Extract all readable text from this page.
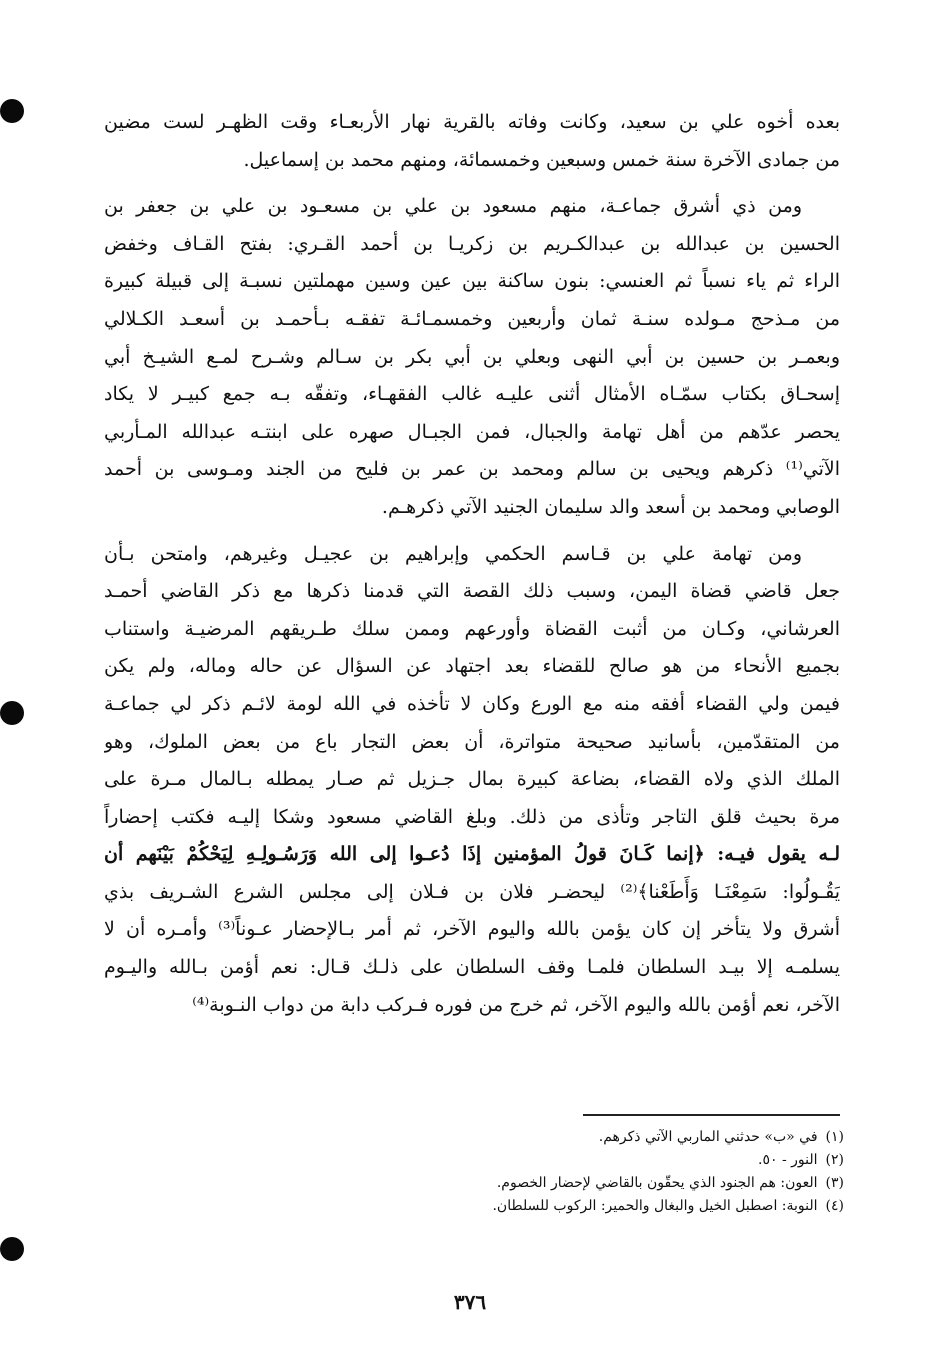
بعده أخوه علي بن سعيد، وكانت وفاته بالقرية نهار الأربعـاء وقت الظهـر لست مضين
من جمادى الآخرة سنة خمس وسبعين وخمسمائة، ومنهم محمد بن إسماعيل.
ومن ذي أشرق جماعـة، منهم مسعود بن علي بن مسعـود بن علي بن جعفر بن
الحسين بن عبدالله بن عبدالكـريم بن زكريـا بن أحمد القـري: بفتح القـاف وخفض
الراء ثم ياء نسباً ثم العنسي: بنون ساكنة بين عين وسين مهملتين نسبـة إلى قبيلة كبيرة
من مـذحج مـولده سنـة ثمان وأربعين وخمسمـائـة تفقـه بـأحمـد بن أسعـد الكـلالي
وبعمـر بن حسين بن أبي النهى وبعلي بن أبي بكر بن سـالم وشـرح لمـع الشيـخ أبي
إسحـاق بكتاب سمّـاه الأمثال أثنى عليـه غالب الفقهـاء، وتفقّه بـه جمع كبيـر لا يكاد
يحصر عدّهم من أهل تهامة والجبال، فمن الجبـال صهره على ابنتـه عبدالله المـأربي
الآتي⁽¹⁾ ذكرهم ويحيى بن سالم ومحمد بن عمر بن فليح من الجند ومـوسى بن أحمد
الوصابي ومحمد بن أسعد والد سليمان الجنيد الآتي ذكرهـم.
ومن تهامة علي بن قـاسم الحكمي وإبراهيم بن عجيـل وغيرهم، وامتحن بـأن
جعل قاضي قضاة اليمن، وسبب ذلك القصة التي قدمنا ذكرها مع ذكر القاضي أحمـد
العرشاني، وكـان من أثبت القضاة وأورعهم وممن سلك طـريقهم المرضيـة واستناب
بجميع الأنحاء من هو صالح للقضاء بعد اجتهاد عن السؤال عن حاله وماله، ولم يكن
فيمن ولي القضاء أفقه منه مع الورع وكان لا تأخذه في الله لومة لائـم ذكر لي جماعـة
من المتقدّمين، بأسانيد صحيحة متواترة، أن بعض التجار باع من بعض الملوك، وهو
الملك الذي ولاه القضاء، بضاعة كبيرة بمال جـزيل ثم صـار يمطله بـالمال مـرة على
مرة بحيث قلق التاجر وتأذى من ذلك. وبلغ القاضي مسعود وشكا إليـه فكتب إحضاراً
لـه يقول فيـه: ﴿إنما كَـانَ قولُ المؤمنين إذَا دُعـوا إلى الله وَرَسُـولِـهِ لِيَحْكُمْ بَيْنَهم أن
يَقُـولُوا: سَمِعْنَـا وَأَطَعْنا﴾⁽²⁾ ليحضـر فلان بن فـلان إلى مجلس الشرع الشـريف بذي
أشرق ولا يتأخر إن كان يؤمن بالله واليوم الآخر، ثم أمر بـالإحضار عـوناً⁽³⁾ وأمـره أن لا
يسلمـه إلا بيـد السلطان فلمـا وقف السلطان على ذلـك قـال: نعم أؤمن بـالله واليـوم
الآخر، نعم أؤمن بالله واليوم الآخر، ثم خرج من فوره فـركب دابة من دواب النـوبة⁽⁴⁾
(١)في «ب» حدثني الماربي الآتي ذكرهم.
(٢)النور - ٥٠.
(٣)العون: هم الجنود الذي يحقّون بالقاضي لإحضار الخصوم.
(٤)النوبة: اصطبل الخيل والبغال والحمير: الركوب للسلطان.
٣٧٦
